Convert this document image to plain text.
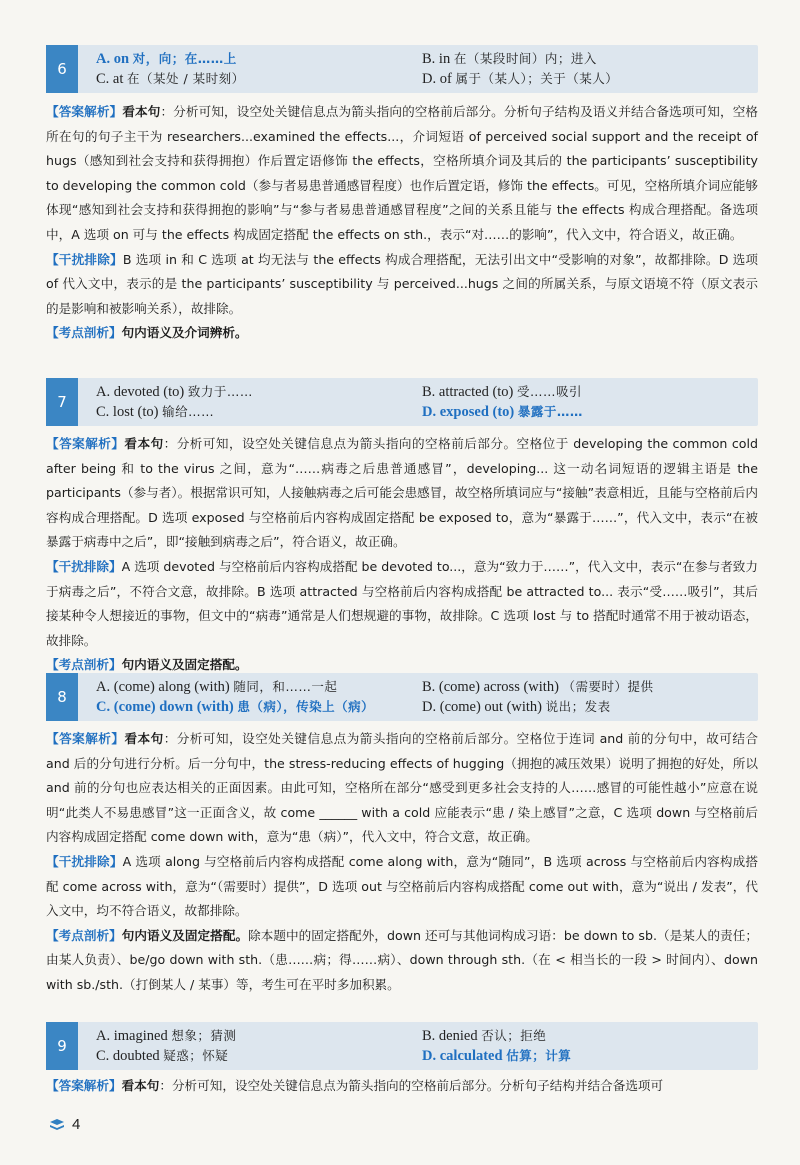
6
A. on 对，向；在……上	B. in 在（某段时间）内；进入
C. at 在（某处 / 某时刻）	D. of 属于（某人）；关于（某人）
【答案解析】看本句：分析可知，设空处关键信息点为箭头指向的空格前后部分。分析句子结构及语义并结合备选项可知，空格所在句的句子主干为 researchers...examined the effects...，介词短语 of perceived social support and the receipt of hugs（感知到社会支持和获得拥抱）作后置定语修饰 the effects，空格所填介词及其后的 the participants’ susceptibility to developing the common cold（参与者易患普通感冒程度）也作后置定语，修饰 the effects。可见，空格所填介词应能够体现“感知到社会支持和获得拥抱的影响”与“参与者易患普通感冒程度”之间的关系且能与 the effects 构成合理搭配。备选项中，A 选项 on 可与 the effects 构成固定搭配 the effects on sth.，表示“对……的影响”，代入文中，符合语义，故正确。
【干扰排除】B 选项 in 和 C 选项 at 均无法与 the effects 构成合理搭配，无法引出文中“受影响的对象”，故都排除。D 选项 of 代入文中，表示的是 the participants’ susceptibility 与 perceived...hugs 之间的所属关系，与原文语境不符（原文表示的是影响和被影响关系），故排除。
【考点剖析】句内语义及介词辨析。
7
A. devoted (to) 致力于……	B. attracted (to) 受……吸引
C. lost (to) 输给……	D. exposed (to) 暴露于……
【答案解析】看本句：分析可知，设空处关键信息点为箭头指向的空格前后部分。空格位于 developing the common cold after being 和 to the virus 之间，意为“……病毒之后患普通感冒”，developing... 这一动名词短语的逻辑主语是 the participants（参与者）。根据常识可知，人接触病毒之后可能会患感冒，故空格所填词应与“接触”表意相近，且能与空格前后内容构成合理搭配。D 选项 exposed 与空格前后内容构成固定搭配 be exposed to，意为“暴露于……”，代入文中，表示“在被暴露于病毒中之后”，即“接触到病毒之后”，符合语义，故正确。
【干扰排除】A 选项 devoted 与空格前后内容构成搭配 be devoted to...，意为“致力于……”，代入文中，表示“在参与者致力于病毒之后”，不符合文意，故排除。B 选项 attracted 与空格前后内容构成搭配 be attracted to... 表示“受……吸引”，其后接某种令人想接近的事物，但文中的“病毒”通常是人们想规避的事物，故排除。C 选项 lost 与 to 搭配时通常不用于被动语态，故排除。
【考点剖析】句内语义及固定搭配。
8
A. (come) along (with) 随同，和……一起	B. (come) across (with) （需要时）提供
C. (come) down (with) 患（病），传染上（病）	D. (come) out (with) 说出；发表
【答案解析】看本句：分析可知，设空处关键信息点为箭头指向的空格前后部分。空格位于连词 and 前的分句中，故可结合 and 后的分句进行分析。后一分句中，the stress-reducing effects of hugging（拥抱的减压效果）说明了拥抱的好处，所以 and 前的分句也应表达相关的正面因素。由此可知，空格所在部分“感受到更多社会支持的人……感冒的可能性越小”应意在说明“此类人不易患感冒”这一正面含义，故 come ______ with a cold 应能表示“患 / 染上感冒”之意，C 选项 down 与空格前后内容构成固定搭配 come down with，意为“患（病）”，代入文中，符合文意，故正确。
【干扰排除】A 选项 along 与空格前后内容构成搭配 come along with，意为“随同”，B 选项 across 与空格前后内容构成搭配 come across with，意为“（需要时）提供”，D 选项 out 与空格前后内容构成搭配 come out with，意为“说出 / 发表”，代入文中，均不符合语义，故都排除。
【考点剖析】句内语义及固定搭配。除本题中的固定搭配外，down 还可与其他词构成习语：be down to sb.（是某人的责任；由某人负责）、be/go down with sth.（患……病；得……病）、down through sth.（在 < 相当长的一段 > 时间内）、down with sb./sth.（打倒某人 / 某事）等，考生可在平时多加积累。
9
A. imagined 想象；猜测	B. denied 否认；拒绝
C. doubted 疑惑；怀疑	D. calculated 估算；计算
【答案解析】看本句：分析可知，设空处关键信息点为箭头指向的空格前后部分。分析句子结构并结合备选项可
4
